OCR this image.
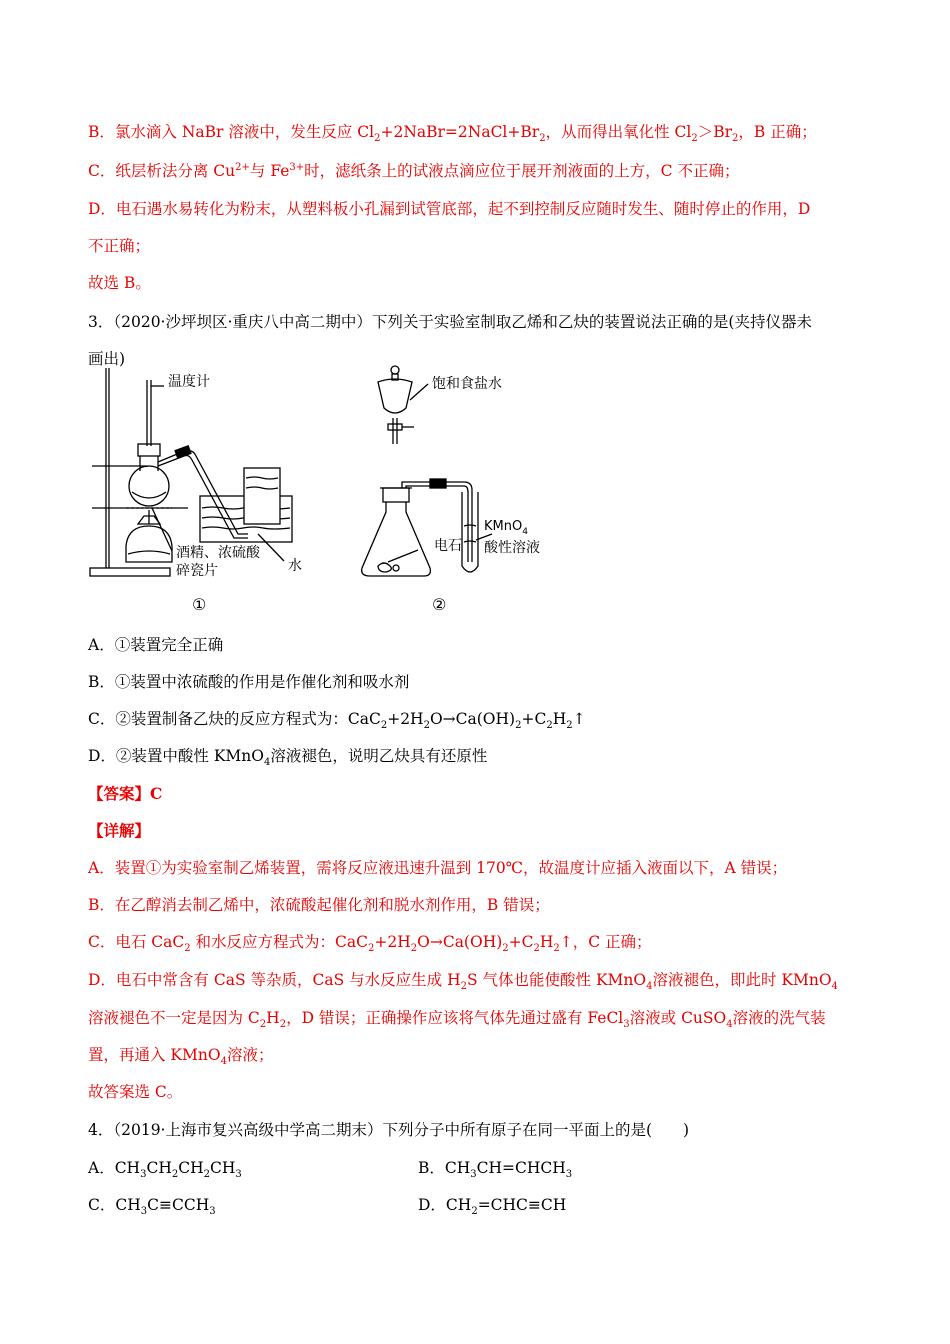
B．氯水滴入 NaBr 溶液中，发生反应 $Cl_2+2NaBr=2NaCl+Br_2$，从而得出氧化性 $Cl_2>Br_2$，B 正确；
C．纸层析法分离 $Cu^{2+}$与 $Fe^{3+}$时，滤纸条上的试液点滴应位于展开剂液面的上方，C 不正确；
D．电石遇水易转化为粉末，从塑料板小孔漏到试管底部，起不到控制反应随时发生、随时停止的作用，D
不正确；
故选 B。
3．（2020·沙坪坝区·重庆八中高二期中）下列关于实验室制取乙烯和乙炔的装置说法正确的是(夹持仪器未
画出)
温度计
酒精、浓硫酸
碎瓷片	水
饱和食盐水
电石
KMnO$_4$
酸性溶液
①	②
A．①装置完全正确
B．①装置中浓硫酸的作用是作催化剂和吸水剂
C．②装置制备乙炔的反应方程式为：$CaC_2+2H_2O\to Ca(OH)_2+C_2H_2↑$
D．②装置中酸性 KMnO$_4$溶液褪色，说明乙炔具有还原性
【答案】C
【详解】
A．装置①为实验室制乙烯装置，需将反应液迅速升温到 170℃，故温度计应插入液面以下，A 错误；
B．在乙醇消去制乙烯中，浓硫酸起催化剂和脱水剂作用，B 错误；
C．电石 CaC$_2$ 和水反应方程式为：$CaC_2+2H_2O\to Ca(OH)_2+C_2H_2↑$，C 正确；
D．电石中常含有 CaS 等杂质，CaS 与水反应生成 $H_2S$ 气体也能使酸性 KMnO$_4$溶液褪色，即此时 KMnO$_4$
溶液褪色不一定是因为 $C_2H_2$，D 错误；正确操作应该将气体先通过盛有 FeCl$_3$溶液或 CuSO$_4$溶液的洗气装
置，再通入 KMnO$_4$溶液；
故答案选 C。
4．（2019·上海市复兴高级中学高二期末）下列分子中所有原子在同一平面上的是(　　)
A．$CH_3CH_2CH_2CH_3$	B．$CH_3CH=CHCH_3$
C．$CH_3C\equiv CCH_3$	D．$CH_2=CHC\equiv CH$
